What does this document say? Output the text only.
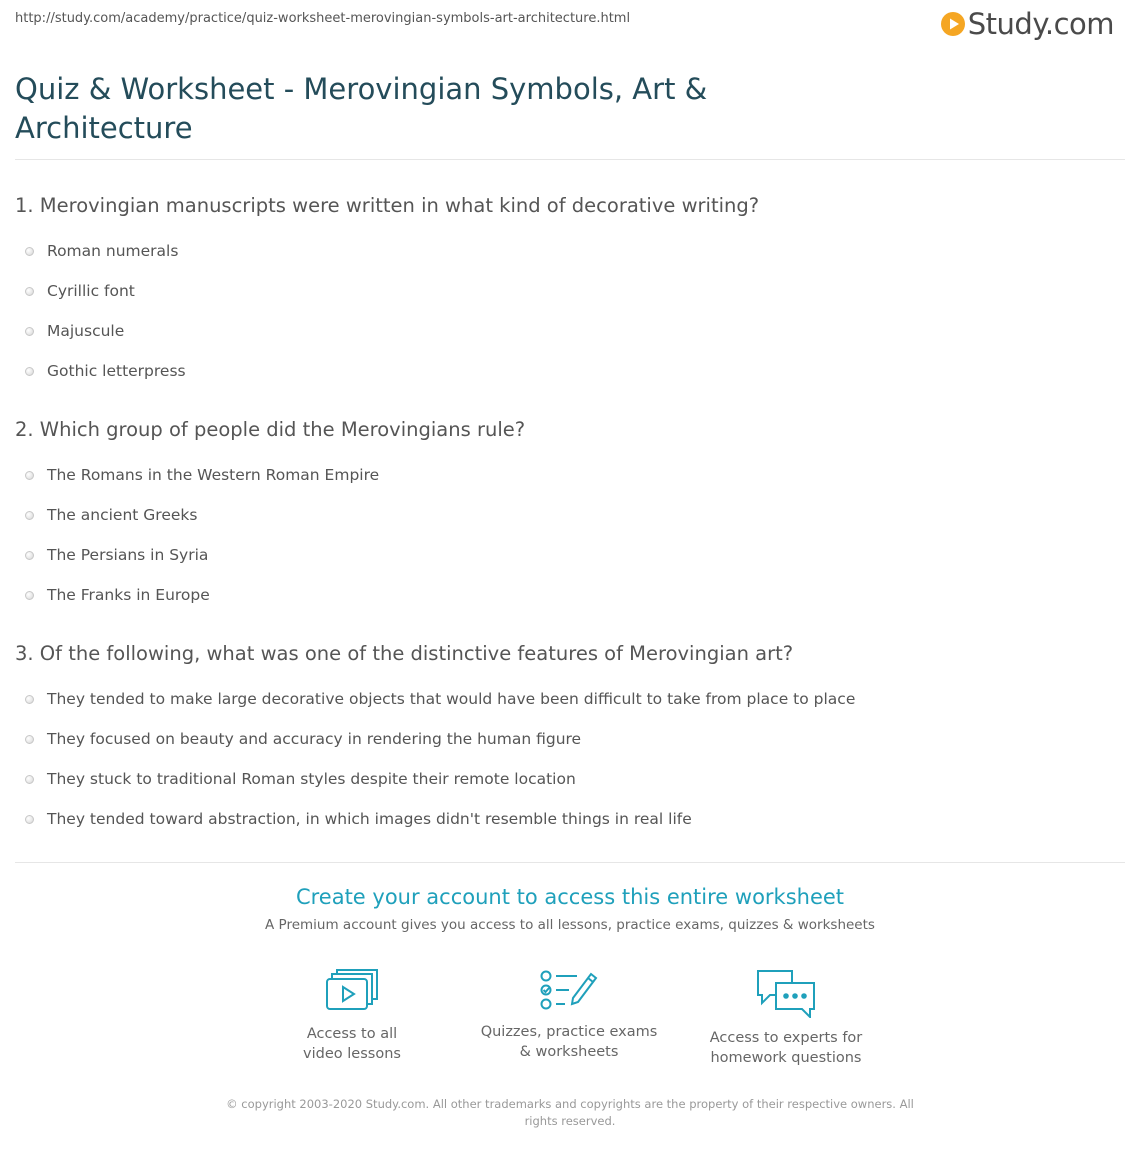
http://study.com/academy/practice/quiz-worksheet-merovingian-symbols-art-architecture.html	Study.com
Quiz & Worksheet - Merovingian Symbols, Art & Architecture

1. Merovingian manuscripts were written in what kind of decorative writing?

Roman numerals
Cyrillic font
Majuscule
Gothic letterpress

2. Which group of people did the Merovingians rule?

The Romans in the Western Roman Empire
The ancient Greeks
The Persians in Syria
The Franks in Europe

3. Of the following, what was one of the distinctive features of Merovingian art?

They tended to make large decorative objects that would have been difficult to take from place to place
They focused on beauty and accuracy in rendering the human figure
They stuck to traditional Roman styles despite their remote location
They tended toward abstraction, in which images didn't resemble things in real life
Create your account to access this entire worksheet
A Premium account gives you access to all lessons, practice exams, quizzes & worksheets
Access to all
video lessons
Quizzes, practice exams
& worksheets
Access to experts for
homework questions
© copyright 2003-2020 Study.com. All other trademarks and copyrights are the property of their respective owners. All rights reserved.
